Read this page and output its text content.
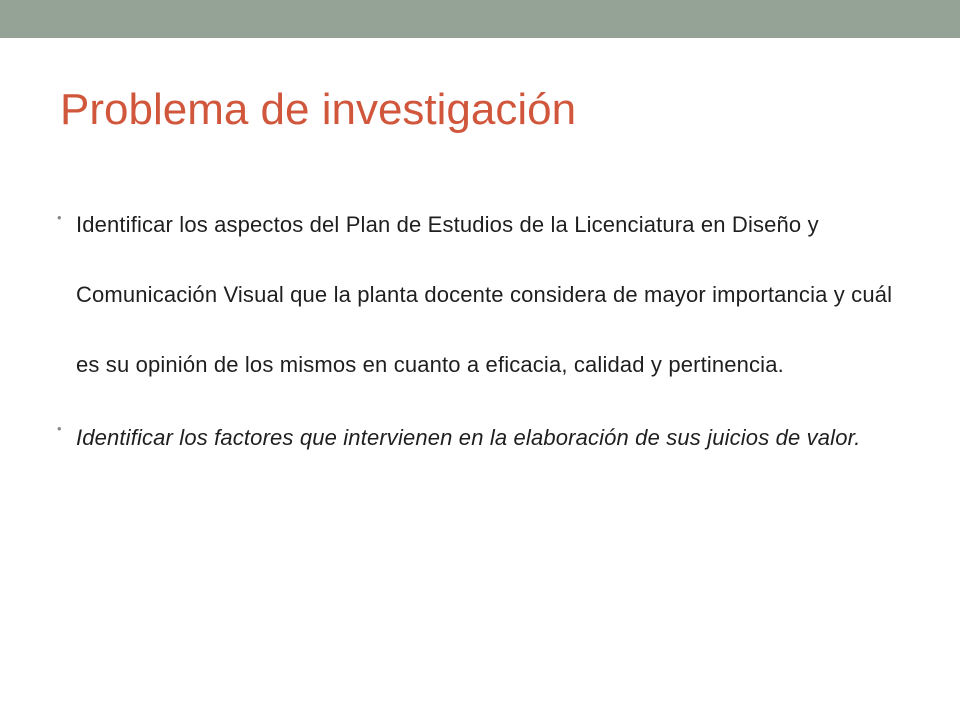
Problema de investigación
• Identificar los aspectos del Plan de Estudios de la Licenciatura en Diseño y Comunicación Visual que la planta docente considera de mayor importancia y cuál es su opinión de los mismos en cuanto a eficacia, calidad y pertinencia.
• Identificar los factores que intervienen en la elaboración de sus juicios de valor.
